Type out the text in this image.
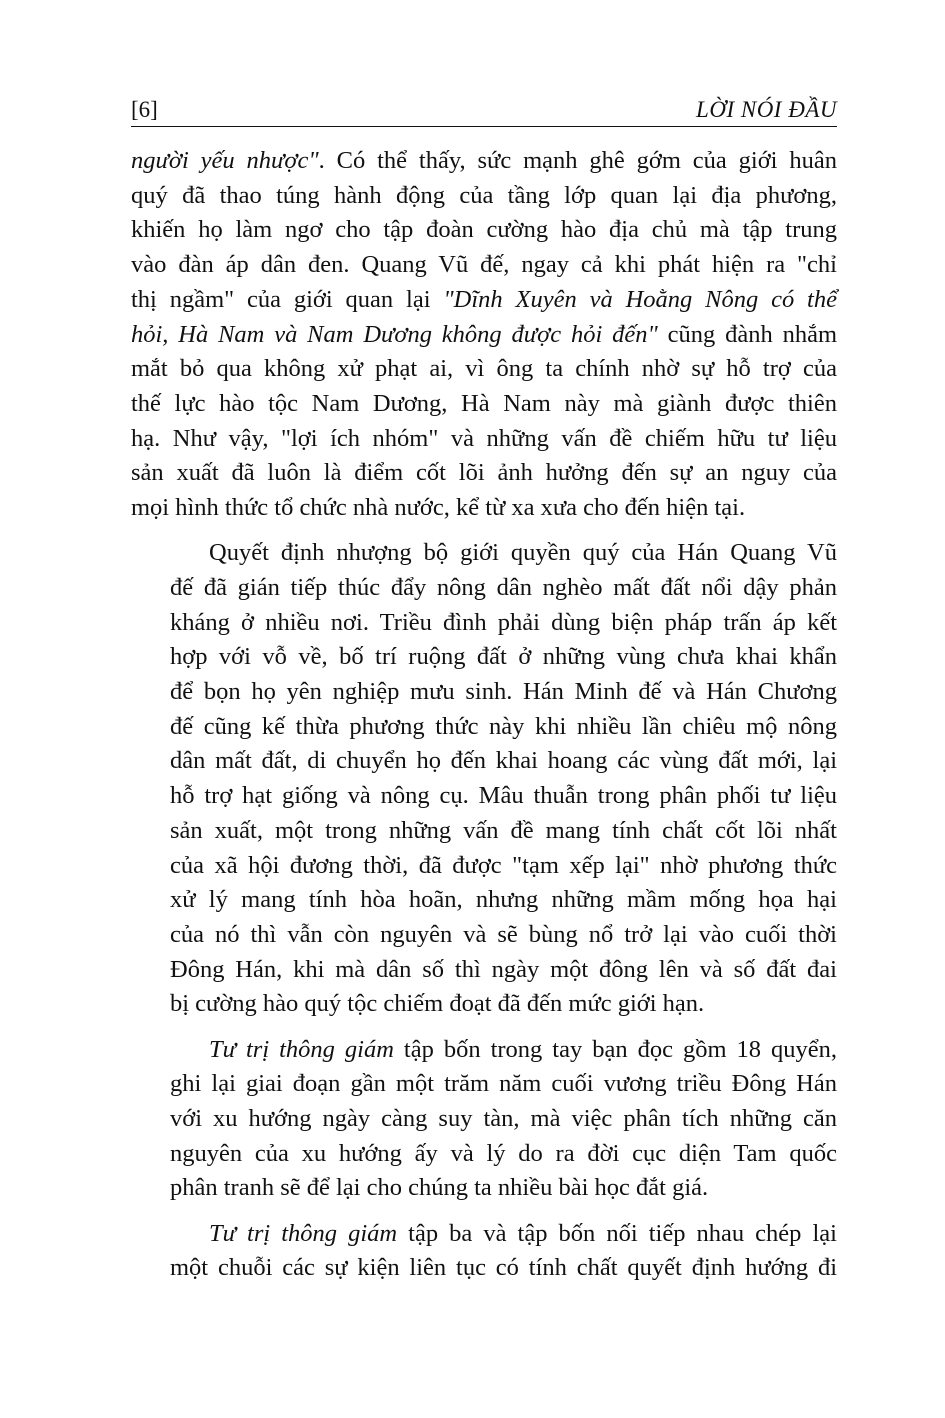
[6]	LỜI NÓI ĐẦU
người yếu nhược". Có thể thấy, sức mạnh ghê gớm của giới huân
quý đã thao túng hành động của tầng lớp quan lại địa phương,
khiến họ làm ngơ cho tập đoàn cường hào địa chủ mà tập trung
vào đàn áp dân đen. Quang Vũ đế, ngay cả khi phát hiện ra "chỉ
thị ngầm" của giới quan lại "Dĩnh Xuyên và Hoằng Nông có thể
hỏi, Hà Nam và Nam Dương không được hỏi đến" cũng đành nhắm
mắt bỏ qua không xử phạt ai, vì ông ta chính nhờ sự hỗ trợ của
thế lực hào tộc Nam Dương, Hà Nam này mà giành được thiên
hạ. Như vậy, "lợi ích nhóm" và những vấn đề chiếm hữu tư liệu
sản xuất đã luôn là điểm cốt lõi ảnh hưởng đến sự an nguy của
mọi hình thức tổ chức nhà nước, kể từ xa xưa cho đến hiện tại.
Quyết định nhượng bộ giới quyền quý của Hán Quang Vũ
đế đã gián tiếp thúc đẩy nông dân nghèo mất đất nổi dậy phản
kháng ở nhiều nơi. Triều đình phải dùng biện pháp trấn áp kết
hợp với vỗ về, bố trí ruộng đất ở những vùng chưa khai khẩn
để bọn họ yên nghiệp mưu sinh. Hán Minh đế và Hán Chương
đế cũng kế thừa phương thức này khi nhiều lần chiêu mộ nông
dân mất đất, di chuyển họ đến khai hoang các vùng đất mới, lại
hỗ trợ hạt giống và nông cụ. Mâu thuẫn trong phân phối tư liệu
sản xuất, một trong những vấn đề mang tính chất cốt lõi nhất
của xã hội đương thời, đã được "tạm xếp lại" nhờ phương thức
xử lý mang tính hòa hoãn, nhưng những mầm mống họa hại
của nó thì vẫn còn nguyên và sẽ bùng nổ trở lại vào cuối thời
Đông Hán, khi mà dân số thì ngày một đông lên và số đất đai
bị cường hào quý tộc chiếm đoạt đã đến mức giới hạn.
Tư trị thông giám tập bốn trong tay bạn đọc gồm 18 quyển,
ghi lại giai đoạn gần một trăm năm cuối vương triều Đông Hán
với xu hướng ngày càng suy tàn, mà việc phân tích những căn
nguyên của xu hướng ấy và lý do ra đời cục diện Tam quốc
phân tranh sẽ để lại cho chúng ta nhiều bài học đắt giá.
Tư trị thông giám tập ba và tập bốn nối tiếp nhau chép lại
một chuỗi các sự kiện liên tục có tính chất quyết định hướng đi
